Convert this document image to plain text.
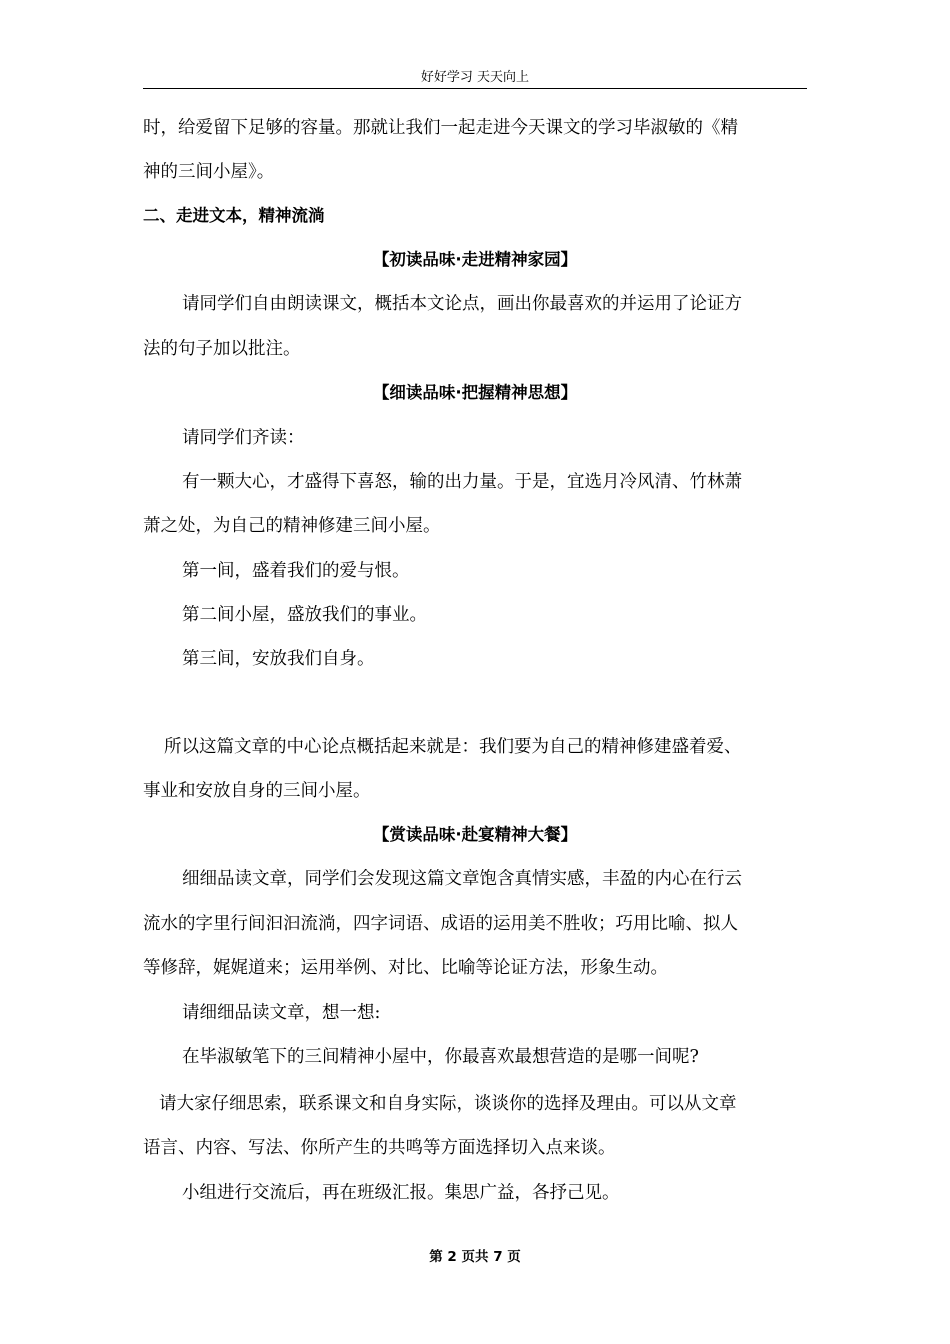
好好学习 天天向上
时，给爱留下足够的容量。那就让我们一起走进今天课文的学习毕淑敏的《精
神的三间小屋》。
二、走进文本，精神流淌
【初读品味·走进精神家园】
请同学们自由朗读课文，概括本文论点，画出你最喜欢的并运用了论证方
法的句子加以批注。
【细读品味·把握精神思想】
请同学们齐读：
有一颗大心，才盛得下喜怒，输的出力量。于是，宜选月冷风清、竹林萧
萧之处，为自己的精神修建三间小屋。
第一间，盛着我们的爱与恨。
第二间小屋，盛放我们的事业。
第三间，安放我们自身。
所以这篇文章的中心论点概括起来就是：我们要为自己的精神修建盛着爱、
事业和安放自身的三间小屋。
【赏读品味·赴宴精神大餐】
细细品读文章，同学们会发现这篇文章饱含真情实感，丰盈的内心在行云
流水的字里行间汩汩流淌，四字词语、成语的运用美不胜收；巧用比喻、拟人
等修辞，娓娓道来；运用举例、对比、比喻等论证方法，形象生动。
请细细品读文章，想一想:
在毕淑敏笔下的三间精神小屋中，你最喜欢最想营造的是哪一间呢?
请大家仔细思索，联系课文和自身实际，谈谈你的选择及理由。可以从文章
语言、内容、写法、你所产生的共鸣等方面选择切入点来谈。
小组进行交流后，再在班级汇报。集思广益，各抒己见。
第 2 页共 7 页
